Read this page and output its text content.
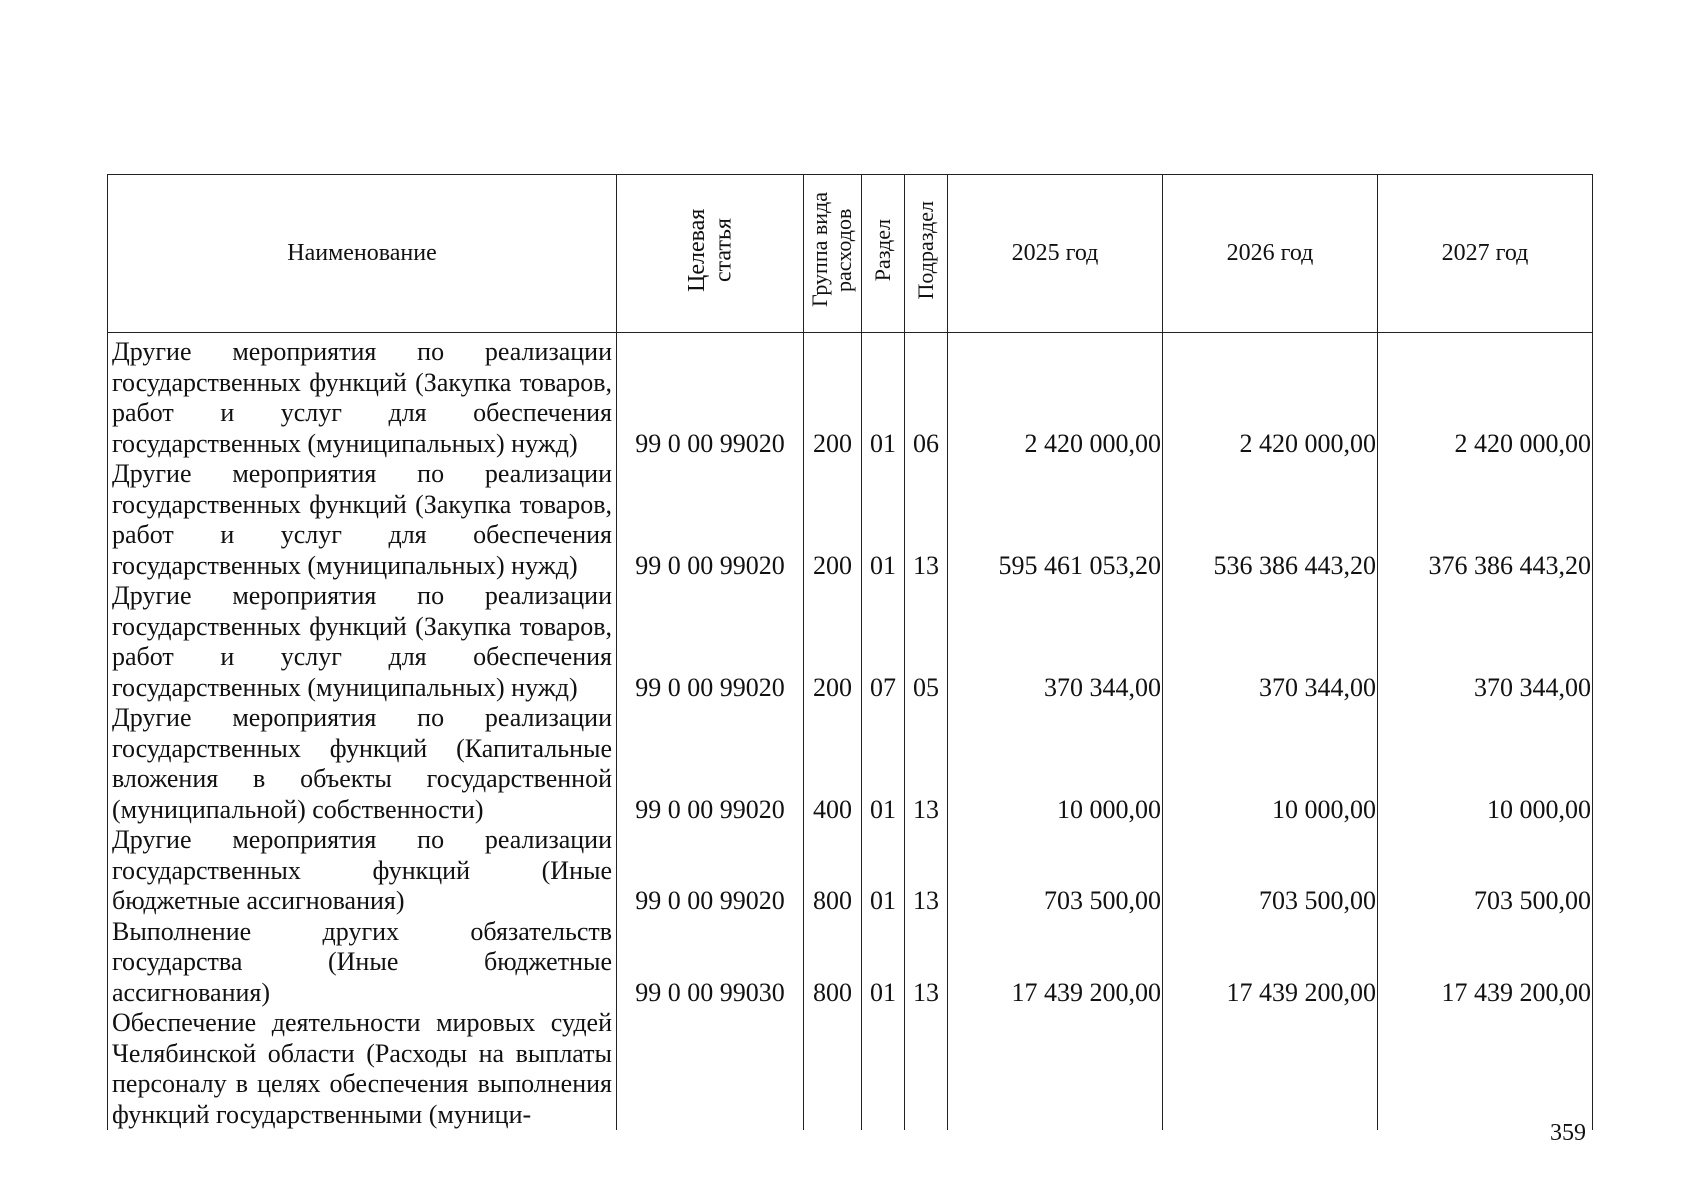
Наименование	Целевая статья	Группа вида расходов	Раздел	Подраздел	2025 год	2026 год	2027 год
Другие мероприятия по реализации государственных функций (Закупка товаров, работ и услуг для обеспечения государственных (муниципальных) нужд)	99 0 00 99020	200	01	06	2 420 000,00	2 420 000,00	2 420 000,00
Другие мероприятия по реализации государственных функций (Закупка товаров, работ и услуг для обеспечения государственных (муниципальных) нужд)	99 0 00 99020	200	01	13	595 461 053,20	536 386 443,20	376 386 443,20
Другие мероприятия по реализации государственных функций (Закупка товаров, работ и услуг для обеспечения государственных (муниципальных) нужд)	99 0 00 99020	200	07	05	370 344,00	370 344,00	370 344,00
Другие мероприятия по реализации государственных функций (Капитальные вложения в объекты государственной (муниципальной) собственности)	99 0 00 99020	400	01	13	10 000,00	10 000,00	10 000,00
Другие мероприятия по реализации государственных функций (Иные бюджетные ассигнования)	99 0 00 99020	800	01	13	703 500,00	703 500,00	703 500,00
Выполнение других обязательств государства (Иные бюджетные ассигнования)	99 0 00 99030	800	01	13	17 439 200,00	17 439 200,00	17 439 200,00
Обеспечение деятельности мировых судей Челябинской области (Расходы на выплаты персоналу в целях обеспечения выполнения функций государственными (муници-							
359
